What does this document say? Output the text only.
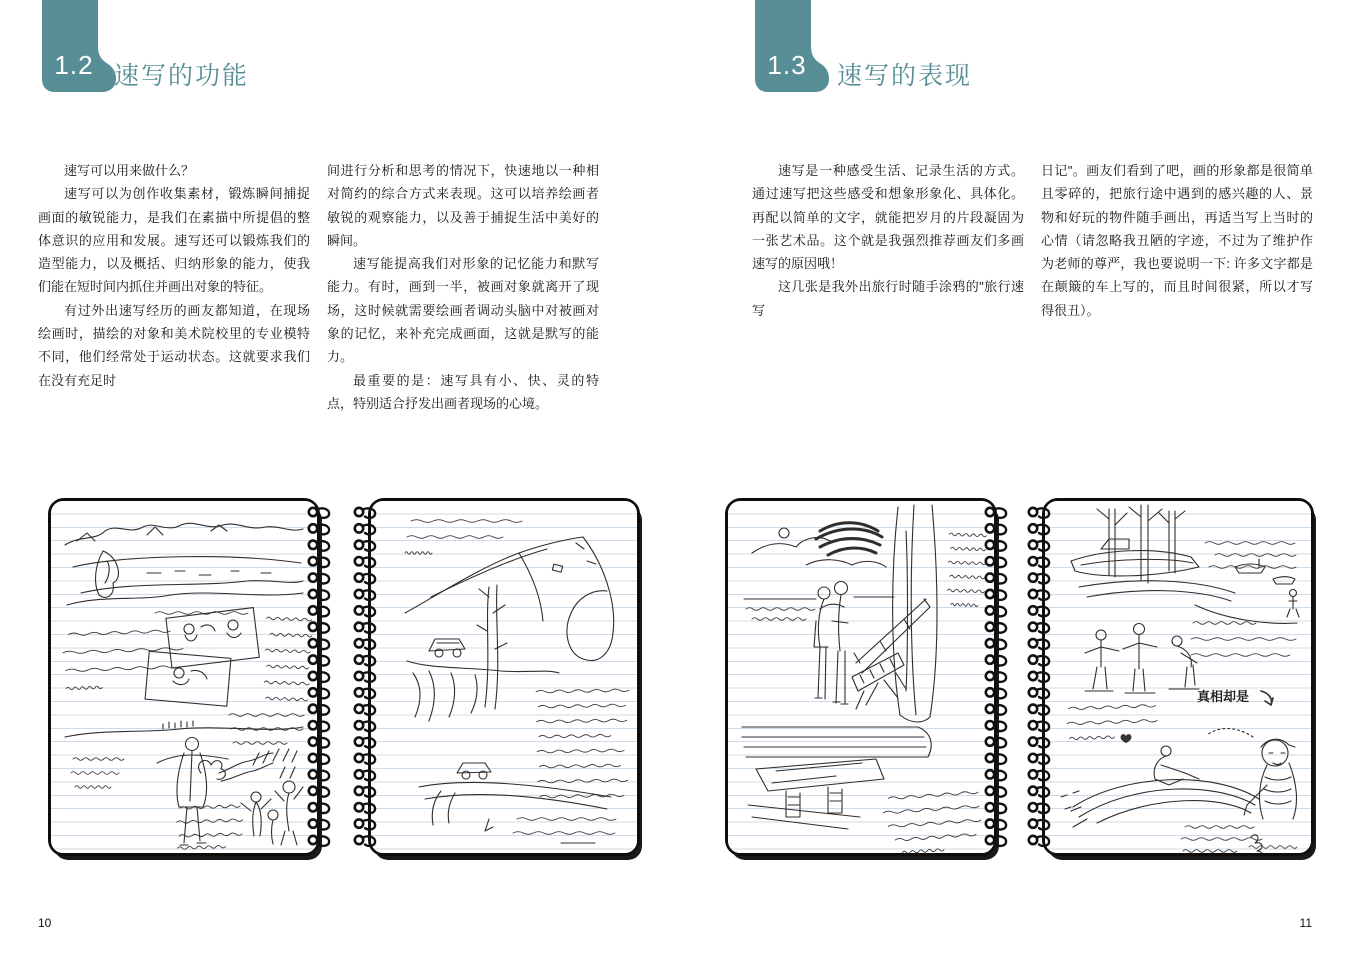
1.2 速写的功能

速写可以用来做什么？

速写可以为创作收集素材，锻炼瞬间捕捉画面的敏锐能力，是我们在素描中所提倡的整体意识的应用和发展。速写还可以锻炼我们的造型能力，以及概括、归纳形象的能力，使我们能在短时间内抓住并画出对象的特征。

有过外出速写经历的画友都知道，在现场绘画时，描绘的对象和美术院校里的专业模特不同，他们经常处于运动状态。这就要求我们在没有充足时

间进行分析和思考的情况下，快速地以一种相对简约的综合方式来表现。这可以培养绘画者敏锐的观察能力，以及善于捕捉生活中美好的瞬间。

速写能提高我们对形象的记忆能力和默写能力。有时，画到一半，被画对象就离开了现场，这时候就需要绘画者调动头脑中对被画对象的记忆，来补充完成画面，这就是默写的能力。

最重要的是：速写具有小、快、灵的特点，特别适合抒发出画者现场的心境。

10
1.3	速写的表现

速写是一种感受生活、记录生活的方式。通过速写把这些感受和想象形象化、具体化。再配以简单的文字，就能把岁月的片段凝固为一张艺术品。这个就是我强烈推荐画友们多画速写的原因哦！

这几张是我外出旅行时随手涂鸦的"旅行速写

日记"。画友们看到了吧，画的形象都是很简单且零碎的，把旅行途中遇到的感兴趣的人、景物和好玩的物件随手画出，再适当写上当时的心情（请忽略我丑陋的字迹，不过为了维护作为老师的尊严，我也要说明一下: 许多文字都是在颠簸的车上写的，而且时间很紧，所以才写得很丑）。

真相却是
11
